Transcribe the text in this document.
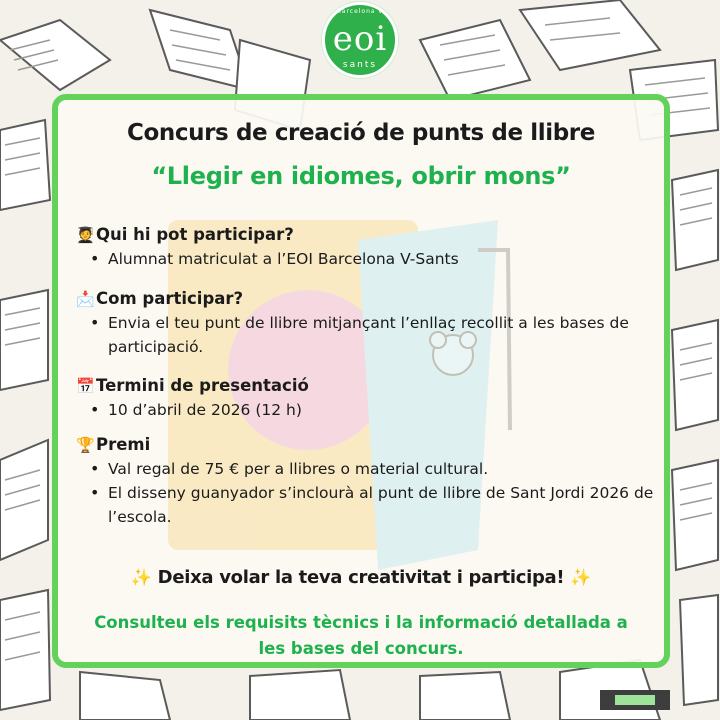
barcelona v
eoi
sants
Concurs de creació de punts de llibre
“Llegir en idiomes, obrir mons”
🧑‍🎓Qui hi pot participar?
• Alumnat matriculat a l’EOI Barcelona V-Sants
📩Com participar?
• Envia el teu punt de llibre mitjançant l’enllaç recollit a les bases de participació.
📅Termini de presentació
• 10 d’abril de 2026 (12 h)
🏆Premi
• Val regal de 75 € per a llibres o material cultural.
• El disseny guanyador s’inclourà al punt de llibre de Sant Jordi 2026 de l’escola.
✨ Deixa volar la teva creativitat i participa! ✨
Consulteu els requisits tècnics i la informació detallada a les bases del concurs.
